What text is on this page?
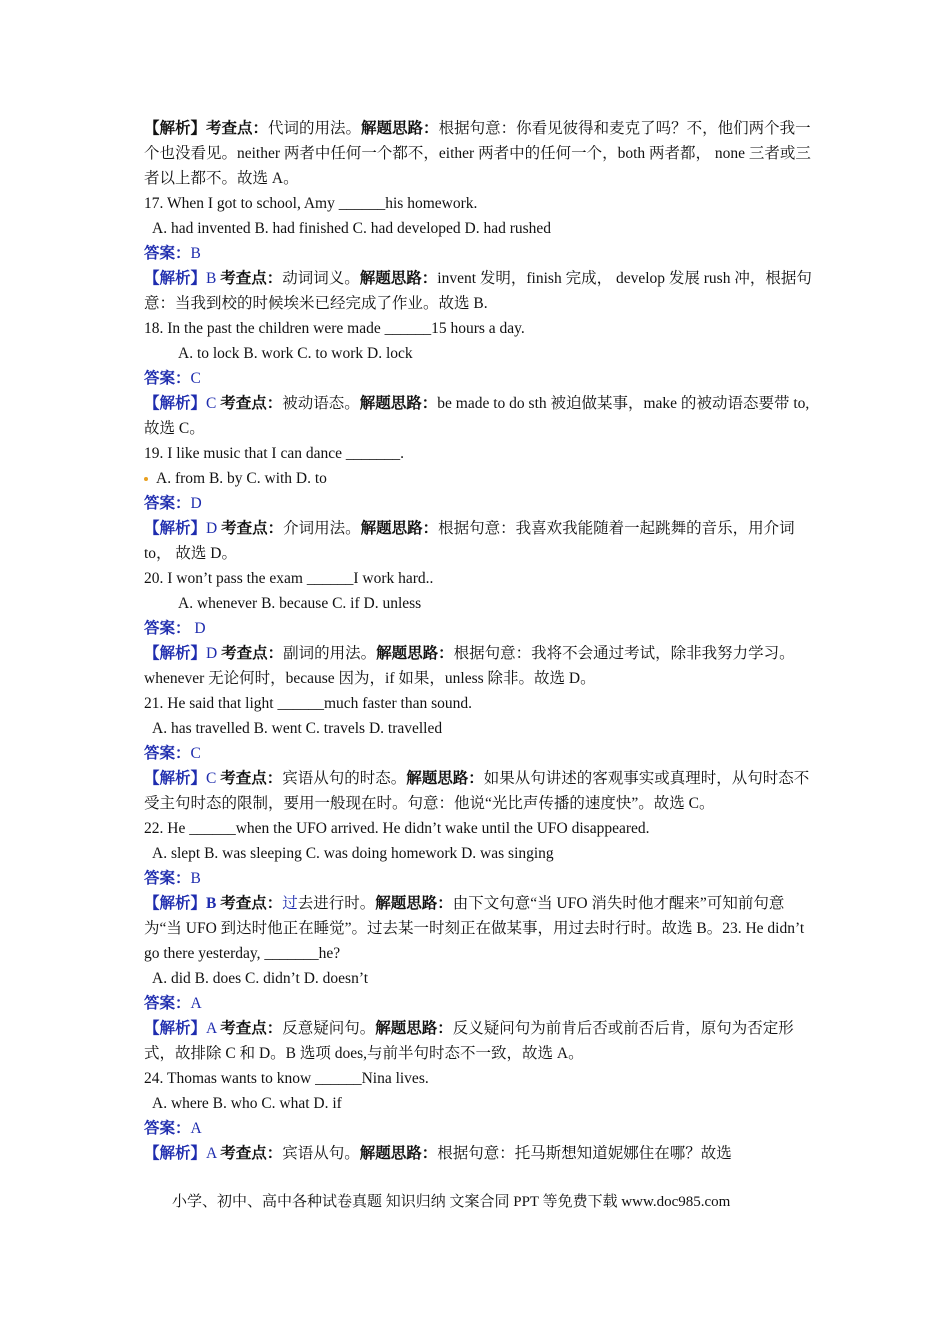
【解析】考查点：代词的用法。解题思路：根据句意：你看见彼得和麦克了吗？不，他们两个我一个也没看见。neither 两者中任何一个都不，either 两者中的任何一个，both 两者都， none 三者或三者以上都不。故选 A。
17. When I got to school, Amy ______his homework.
A. had invented B. had finished C. had developed D. had rushed
答案：B
【解析】B 考查点：动词词义。解题思路：invent 发明，finish 完成， develop 发展 rush 冲，根据句意：当我到校的时候埃米已经完成了作业。故选 B.
18. In the past the children were made ______15 hours a day.
A. to lock B. work C. to work D. lock
答案：C
【解析】C 考查点：被动语态。解题思路：be made to do sth 被迫做某事，make 的被动语态要带 to, 故选 C。
19. I like music that I can dance _______.
A. from B. by C. with D. to
答案：D
【解析】D 考查点：介词用法。解题思路：根据句意：我喜欢我能随着一起跳舞的音乐，用介词 to， 故选 D。
20. I won’t pass the exam ______I work hard..
A. whenever B. because C. if D. unless
答案： D
【解析】D 考查点：副词的用法。解题思路：根据句意：我将不会通过考试，除非我努力学习。whenever 无论何时，because 因为，if 如果，unless 除非。故选 D。
21. He said that light ______much faster than sound.
A. has travelled B. went C. travels D. travelled
答案：C
【解析】C 考查点：宾语从句的时态。解题思路：如果从句讲述的客观事实或真理时，从句时态不受主句时态的限制，要用一般现在时。句意：他说“光比声传播的速度快”。故选 C。
22. He ______when the UFO arrived. He didn’t wake until the UFO disappeared.
A. slept B. was sleeping C. was doing homework D. was singing
答案：B
【解析】B 考查点：过去进行时。解题思路：由下文句意“当 UFO 消失时他才醒来”可知前句意为“当 UFO 到达时他正在睡觉”。过去某一时刻正在做某事，用过去时行时。故选 B。23. He didn’t go there yesterday, _______he?
A. did B. does C. didn’t D. doesn’t
答案：A
【解析】A 考查点：反意疑问句。解题思路：反义疑问句为前肯后否或前否后肯，原句为否定形式，故排除 C 和 D。B 选项 does,与前半句时态不一致，故选 A。
24. Thomas wants to know ______Nina lives.
A. where B. who C. what D. if
答案：A
【解析】A 考查点：宾语从句。解题思路：根据句意：托马斯想知道妮娜住在哪？故选
小学、初中、高中各种试卷真题 知识归纳 文案合同 PPT 等免费下载 www.doc985.com
